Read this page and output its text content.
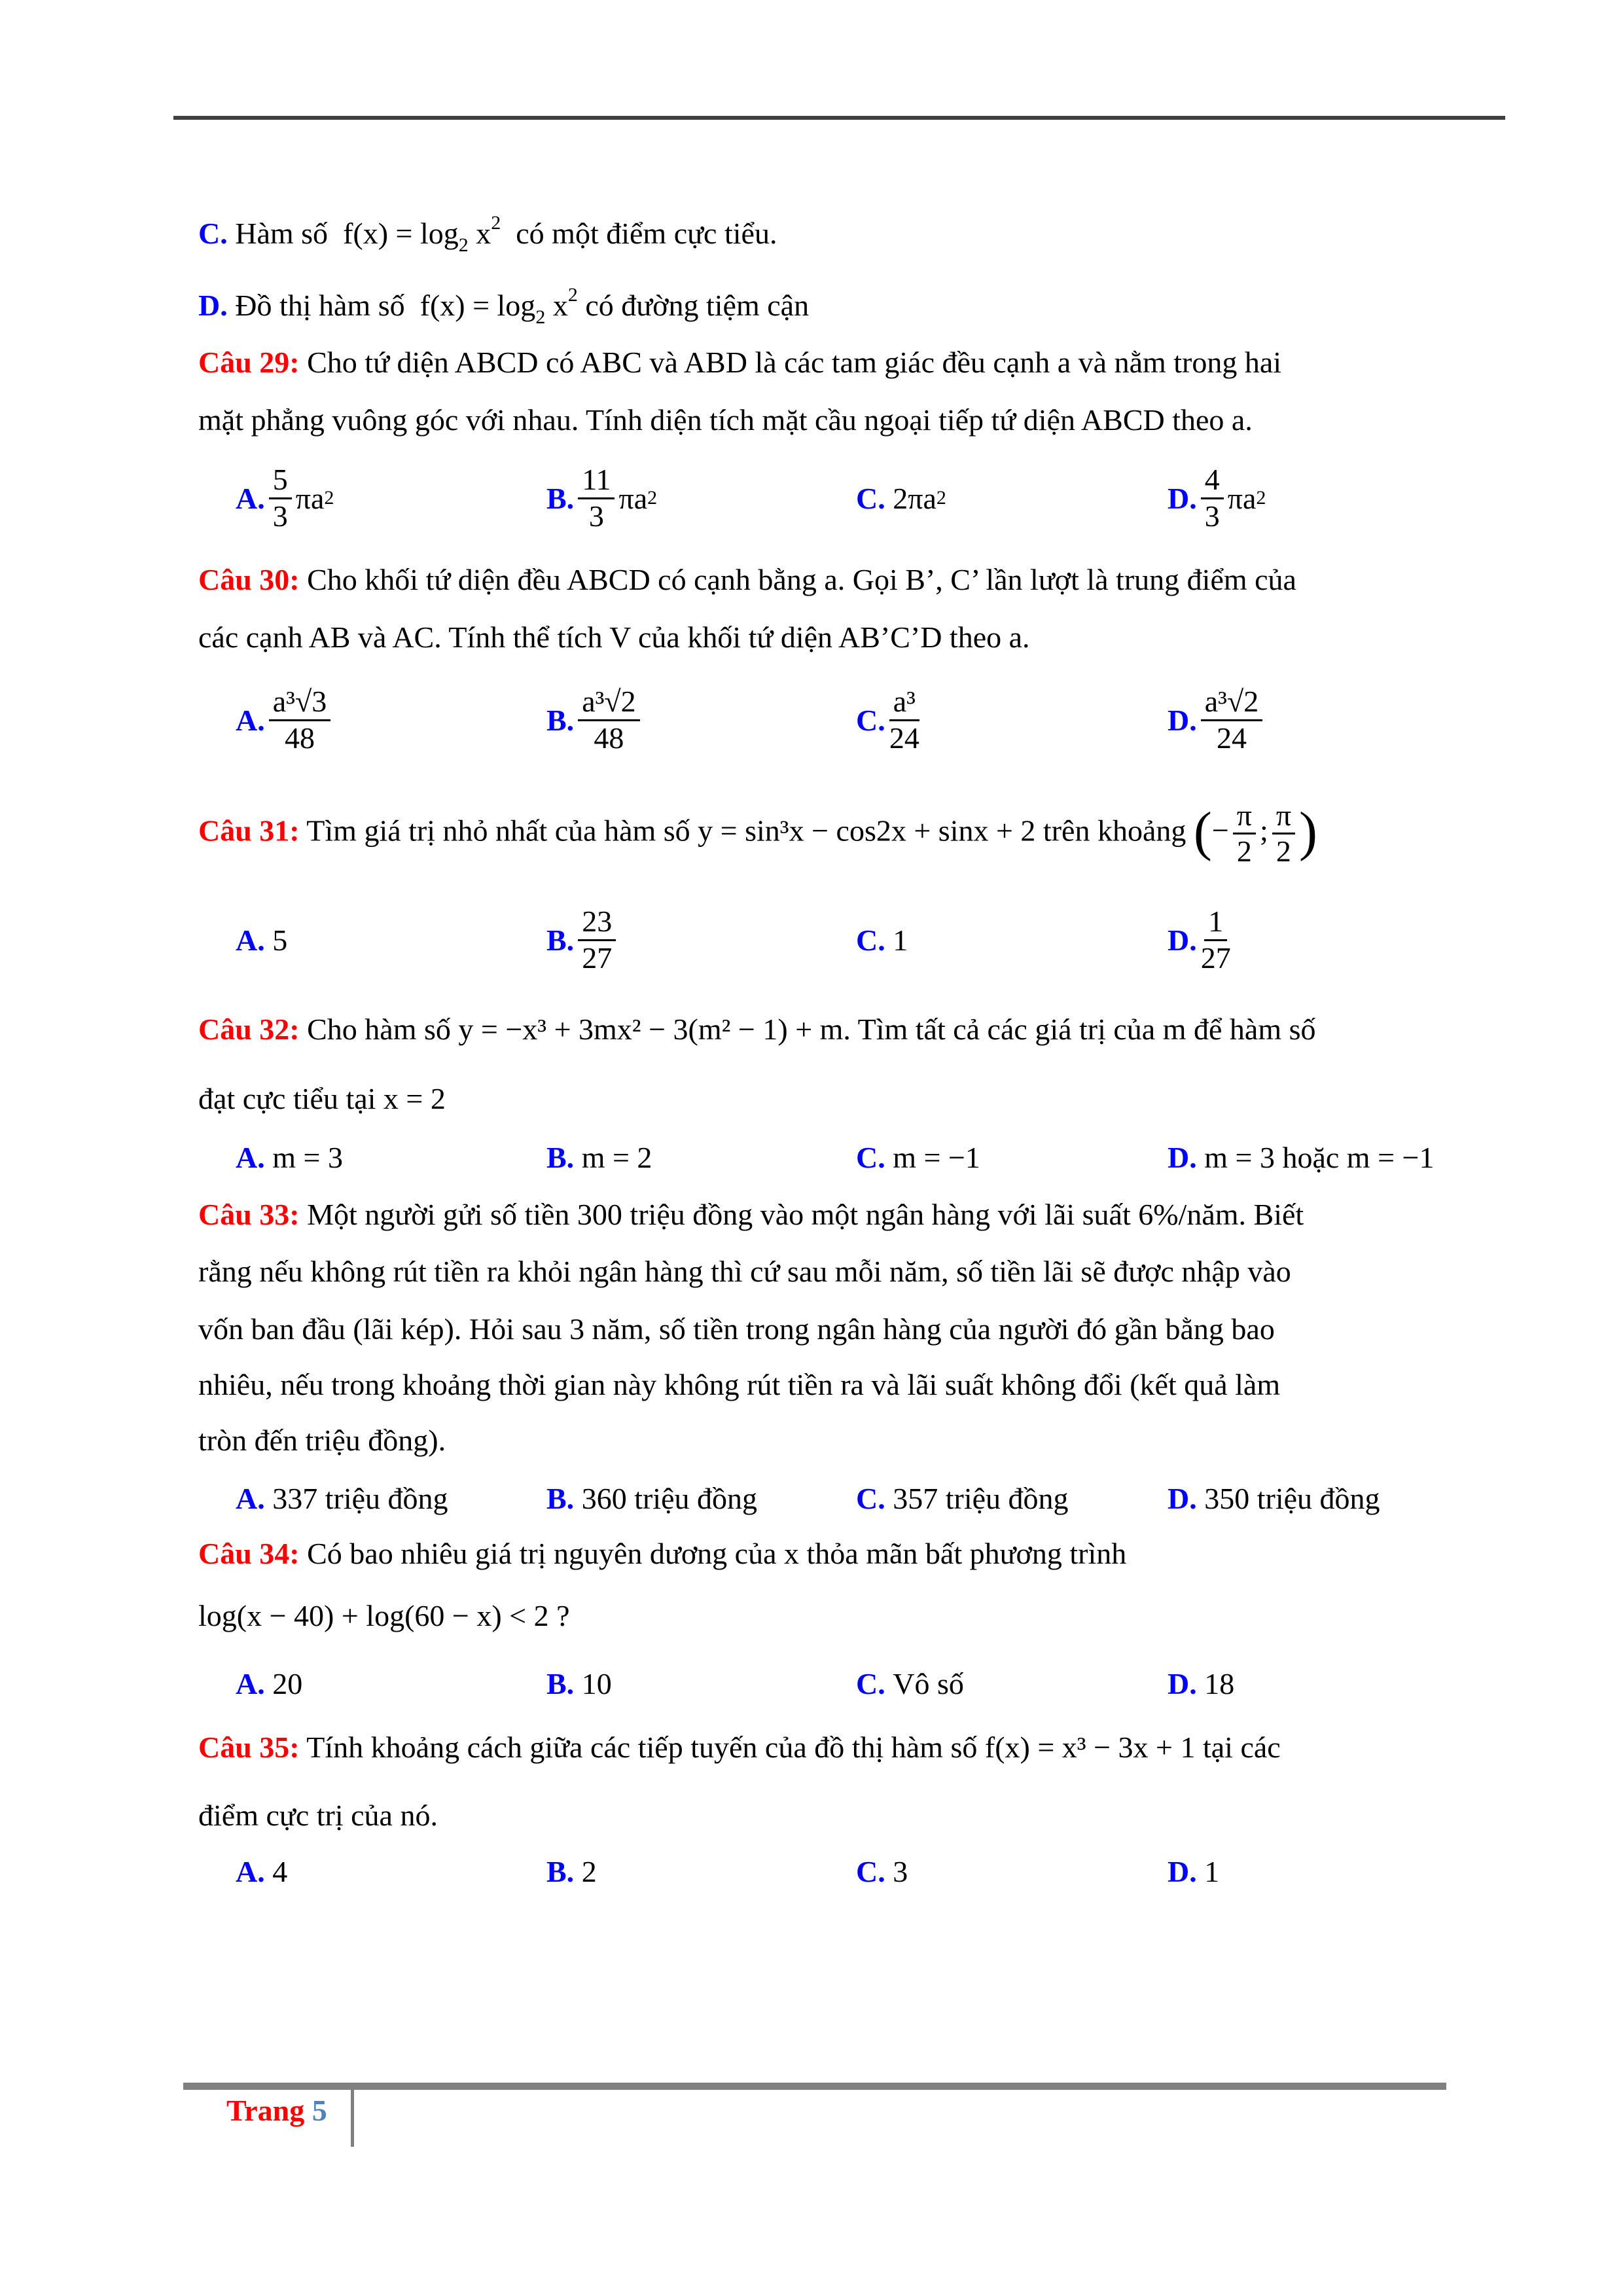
C. Hàm số $f(x) = \log_2 x^2$ có một điểm cực tiểu.
D. Đồ thị hàm số $f(x) = \log_2 x^2$ có đường tiệm cận
Câu 29: Cho tứ diện ABCD có ABC và ABD là các tam giác đều cạnh a và nằm trong hai
mặt phẳng vuông góc với nhau. Tính diện tích mặt cầu ngoại tiếp tứ diện ABCD theo a.
A. $\frac{5}{3}$ πa 2	B. $\frac{11}{3}$ πa 2	C.
2πa 2	D. $\frac{4}{3}$ πa 2
Câu 30: Cho khối tứ diện đều ABCD có cạnh bằng a. Gọi B’, C’ lần lượt là trung điểm của
các cạnh AB và AC. Tính thể tích V của khối tứ diện AB’C’D theo a.
A. $\frac{\text{a³√3}}{48}$	B. $\frac{\text{a³√2}}{48}$	C. $\frac{\text{a³}}{24}$	D. $\frac{\text{a³√2}}{24}$
Câu 31: Tìm giá trị nhỏ nhất của hàm số y = sin³x − cos2x + sinx + 2 trên khoảng (− $\frac{\pi}{2}$ ; $\frac{\pi}{2}$ )
A.
5	B. $\frac{23}{27}$	C.
1	D. $\frac{1}{27}$
Câu 32: Cho hàm số y = −x³ + 3mx² − 3(m² − 1) + m. Tìm tất cả các giá trị của m để hàm số
đạt cực tiểu tại x = 2
A.
m = 3	B.
m = 2	C.
m = −1	D.
m = 3 hoặc m = −1
Câu 33: Một người gửi số tiền 300 triệu đồng vào một ngân hàng với lãi suất 6%/năm. Biết
rằng nếu không rút tiền ra khỏi ngân hàng thì cứ sau mỗi năm, số tiền lãi sẽ được nhập vào
vốn ban đầu (lãi kép). Hỏi sau 3 năm, số tiền trong ngân hàng của người đó gần bằng bao
nhiêu, nếu trong khoảng thời gian này không rút tiền ra và lãi suất không đổi (kết quả làm
tròn đến triệu đồng).
A.
337 triệu đồng	B.
360 triệu đồng	C.
357 triệu đồng	D.
350 triệu đồng
Câu 34: Có bao nhiêu giá trị nguyên dương của x thỏa mãn bất phương trình
log(x − 40) + log(60 − x) < 2 ?
A.
20	B.
10	C.
Vô số	D.
18
Câu 35: Tính khoảng cách giữa các tiếp tuyến của đồ thị hàm số f(x) = x³ − 3x + 1 tại các
điểm cực trị của nó.
A.
4	B.
2	C.
3	D.
1
Trang 5
